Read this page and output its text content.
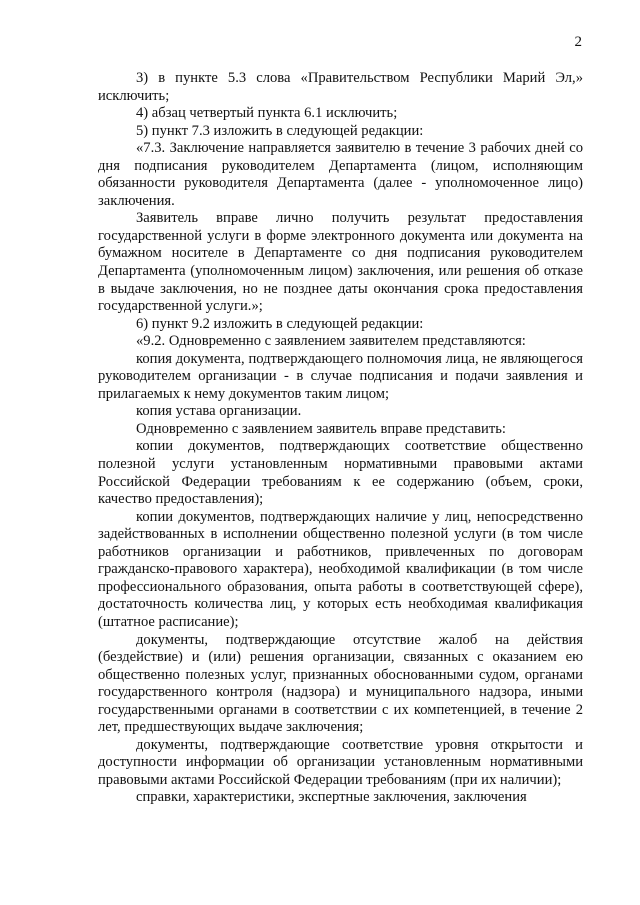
2

3) в пункте 5.3 слова «Правительством Республики Марий Эл,» исключить;

4) абзац четвертый пункта 6.1 исключить;

5) пункт 7.3 изложить в следующей редакции:

«7.3. Заключение направляется заявителю в течение 3 рабочих дней со дня подписания руководителем Департамента (лицом, исполняющим обязанности руководителя Департамента (далее - уполномоченное лицо) заключения.

Заявитель вправе лично получить результат предоставления государственной услуги в форме электронного документа или документа на бумажном носителе в Департаменте со дня подписания руководителем Департамента (уполномоченным лицом) заключения, или решения об отказе в выдаче заключения, но не позднее даты окончания срока предоставления государственной услуги.»;

6) пункт 9.2 изложить в следующей редакции:

«9.2. Одновременно с заявлением заявителем представляются:

копия документа, подтверждающего полномочия лица, не являющегося руководителем организации - в случае подписания и подачи заявления и прилагаемых к нему документов таким лицом;

копия устава организации.

Одновременно с заявлением заявитель вправе представить:

копии документов, подтверждающих соответствие общественно полезной услуги установленным нормативными правовыми актами Российской Федерации требованиям к ее содержанию (объем, сроки, качество предоставления);

копии документов, подтверждающих наличие у лиц, непосредственно задействованных в исполнении общественно полезной услуги (в том числе работников организации и работников, привлеченных по договорам гражданско-правового характера), необходимой квалификации (в том числе профессионального образования, опыта работы в соответствующей сфере), достаточность количества лиц, у которых есть необходимая квалификация (штатное расписание);

документы, подтверждающие отсутствие жалоб на действия (бездействие) и (или) решения организации, связанных с оказанием ею общественно полезных услуг, признанных обоснованными судом, органами государственного контроля (надзора) и муниципального надзора, иными государственными органами в соответствии с их компетенцией, в течение 2 лет, предшествующих выдаче заключения;

документы, подтверждающие соответствие уровня открытости и доступности информации об организации установленным нормативными правовыми актами Российской Федерации требованиям (при их наличии);

справки, характеристики, экспертные заключения, заключения
